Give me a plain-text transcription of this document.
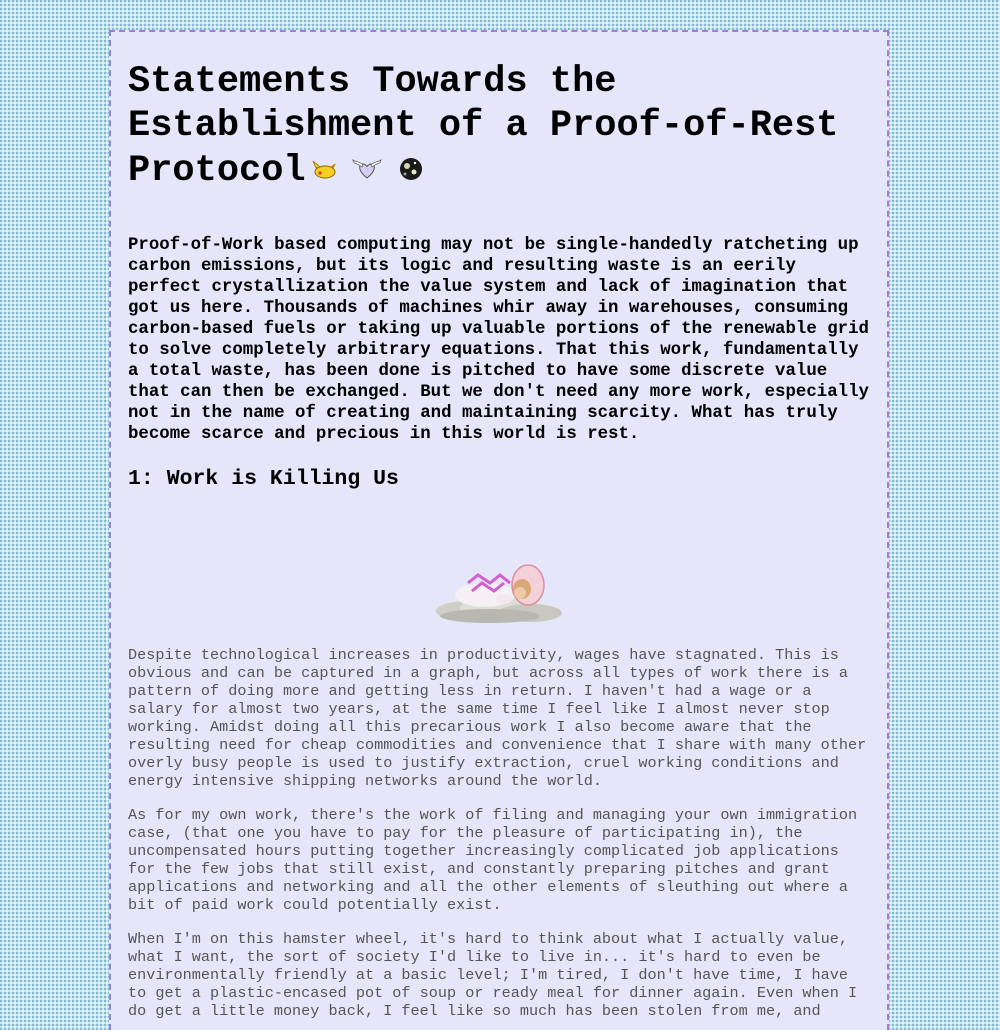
Statements Towards the Establishment of a Proof-of-Rest Protocol

Proof-of-Work based computing may not be single-handedly ratcheting up carbon emissions, but its logic and resulting waste is an eerily perfect crystallization the value system and lack of imagination that got us here. Thousands of machines whir away in warehouses, consuming carbon-based fuels or taking up valuable portions of the renewable grid to solve completely arbitrary equations. That this work, fundamentally a total waste, has been done is pitched to have some discrete value that can then be exchanged. But we don't need any more work, especially not in the name of creating and maintaining scarcity. What has truly become scarce and precious in this world is rest.

1: Work is Killing Us

Despite technological increases in productivity, wages have stagnated. This is obvious and can be captured in a graph, but across all types of work there is a pattern of doing more and getting less in return. I haven't had a wage or a salary for almost two years, at the same time I feel like I almost never stop working. Amidst doing all this precarious work I also become aware that the resulting need for cheap commodities and convenience that I share with many other overly busy people is used to justify extraction, cruel working conditions and energy intensive shipping networks around the world.

As for my own work, there's the work of filing and managing your own immigration case, (that one you have to pay for the pleasure of participating in), the uncompensated hours putting together increasingly complicated job applications for the few jobs that still exist, and constantly preparing pitches and grant applications and networking and all the other elements of sleuthing out where a bit of paid work could potentially exist.

When I'm on this hamster wheel, it's hard to think about what I actually value, what I want, the sort of society I'd like to live in... it's hard to even be environmentally friendly at a basic level; I'm tired, I don't have time, I have to get a plastic-encased pot of soup or ready meal for dinner again. Even when I do get a little money back, I feel like so much has been stolen from me, and
